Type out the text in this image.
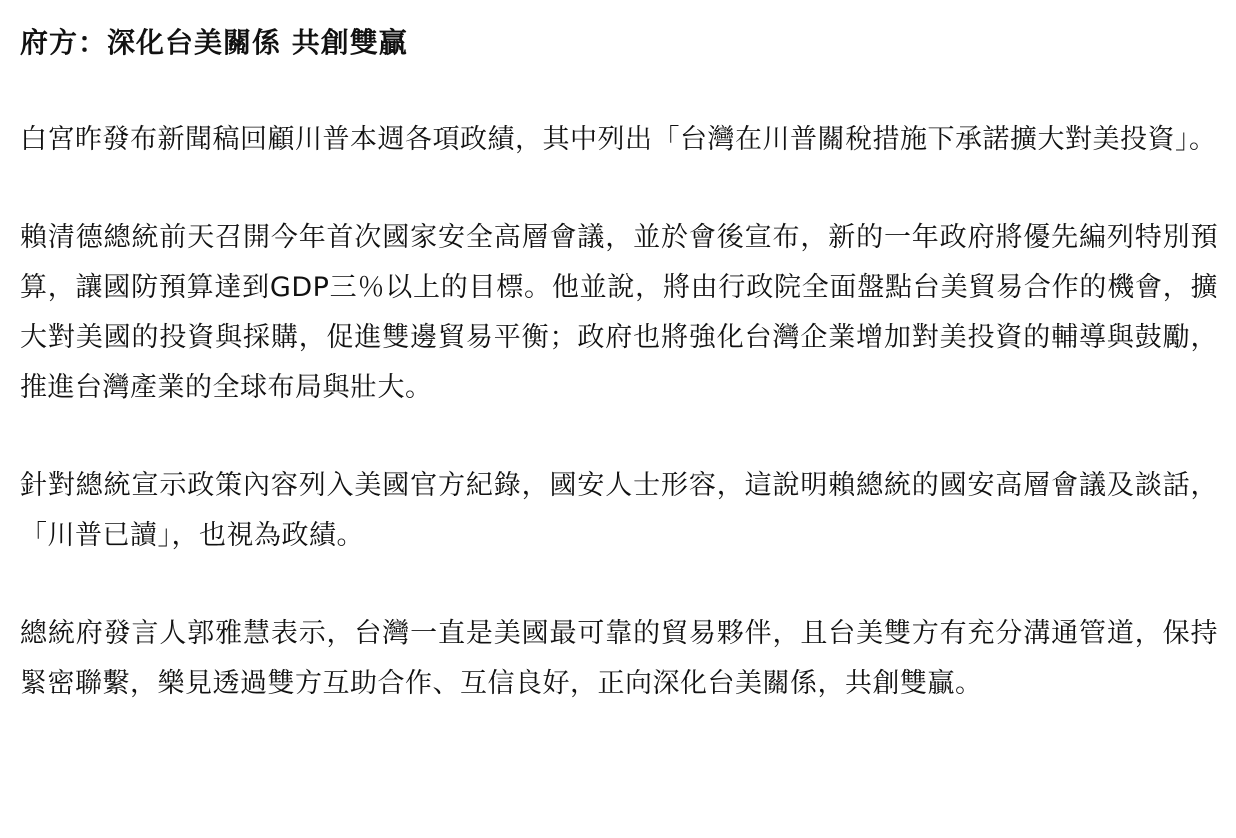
府方：深化台美關係 共創雙贏

白宮昨發布新聞稿回顧川普本週各項政績，其中列出「台灣在川普關稅措施下承諾擴大對美投資」。

賴清德總統前天召開今年首次國家安全高層會議，並於會後宣布，新的一年政府將優先編列特別預算，讓國防預算達到GDP三％以上的目標。他並說，將由行政院全面盤點台美貿易合作的機會，擴大對美國的投資與採購，促進雙邊貿易平衡；政府也將強化台灣企業增加對美投資的輔導與鼓勵，推進台灣產業的全球布局與壯大。

針對總統宣示政策內容列入美國官方紀錄，國安人士形容，這說明賴總統的國安高層會議及談話，「川普已讀」，也視為政績。

總統府發言人郭雅慧表示，台灣一直是美國最可靠的貿易夥伴，且台美雙方有充分溝通管道，保持緊密聯繫，樂見透過雙方互助合作、互信良好，正向深化台美關係，共創雙贏。
